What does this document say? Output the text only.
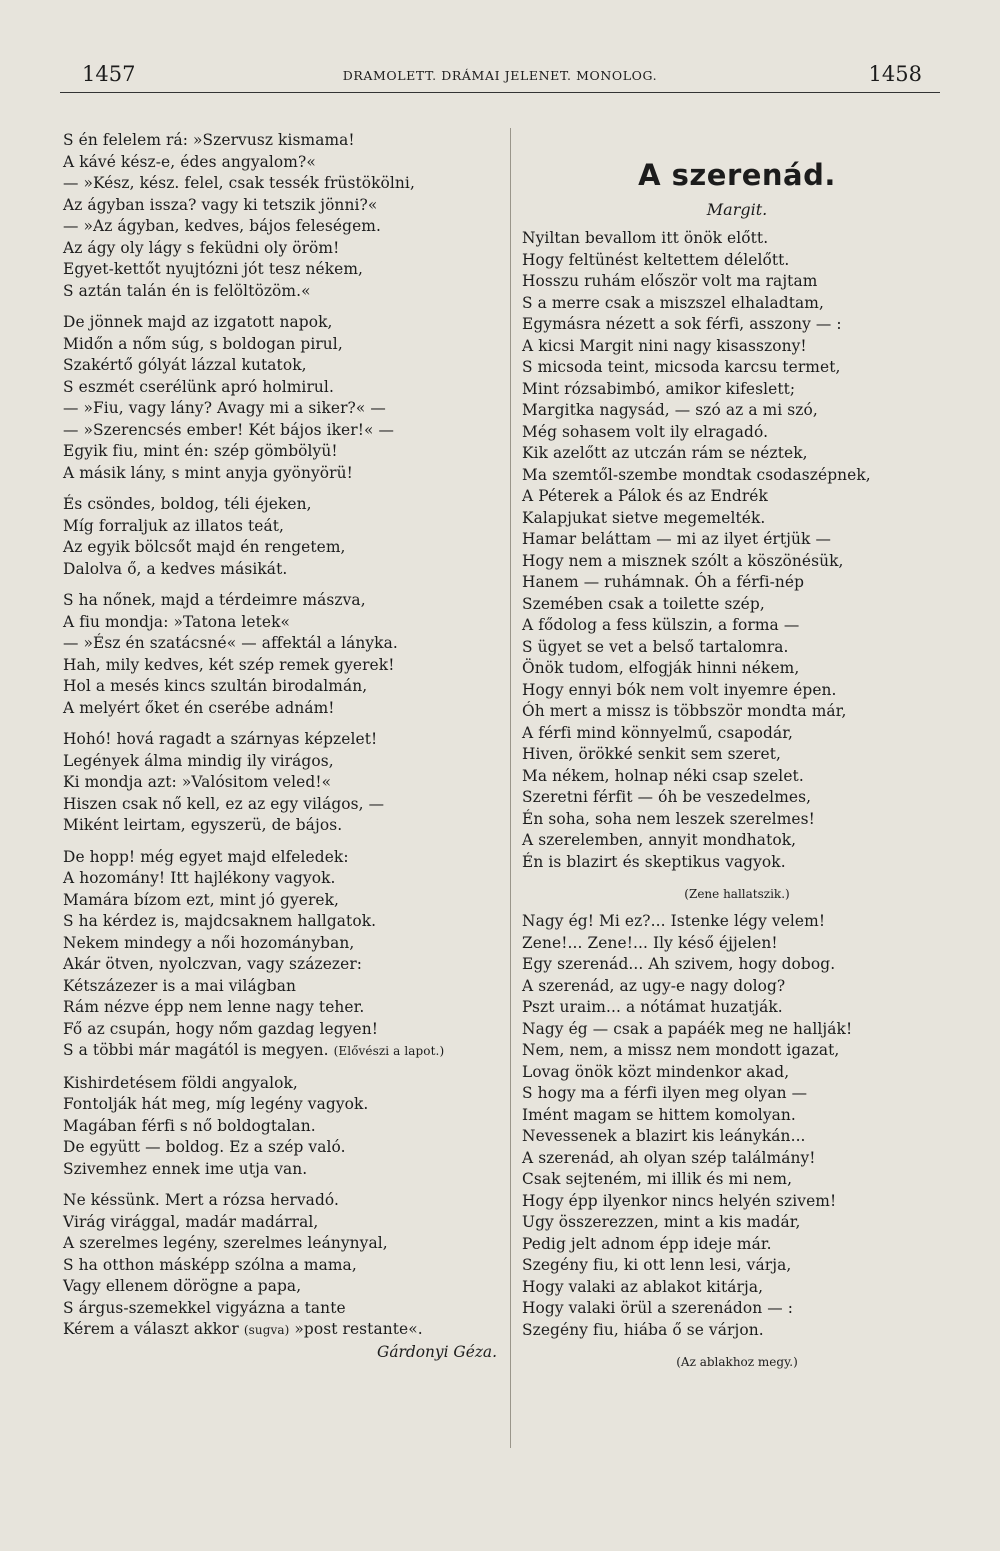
1457	DRAMOLETT. DRÁMAI JELENET. MONOLOG.	1458
S én felelem rá: »Szervusz kismama!
A kávé kész-e, édes angyalom?«
— »Kész, kész. felel, csak tessék früstökölni,
Az ágyban issza? vagy ki tetszik jönni?«
— »Az ágyban, kedves, bájos feleségem.
Az ágy oly lágy s feküdni oly öröm!
Egyet-kettőt nyujtózni jót tesz nékem,
S aztán talán én is felöltözöm.«
De jönnek majd az izgatott napok,
Midőn a nőm súg, s boldogan pirul,
Szakértő gólyát lázzal kutatok,
S eszmét cserélünk apró holmirul.
— »Fiu, vagy lány? Avagy mi a siker?« —
— »Szerencsés ember! Két bájos iker!« —
Egyik fiu, mint én: szép gömbölyü!
A másik lány, s mint anyja gyönyörü!
És csöndes, boldog, téli éjeken,
Míg forraljuk az illatos teát,
Az egyik bölcsőt majd én rengetem,
Dalolva ő, a kedves másikát.
S ha nőnek, majd a térdeimre mászva,
A fiu mondja: »Tatona letek«
— »Ész én szatácsné« — affektál a lányka.
Hah, mily kedves, két szép remek gyerek!
Hol a mesés kincs szultán birodalmán,
A melyért őket én cserébe adnám!
Hohó! hová ragadt a szárnyas képzelet!
Legények álma mindig ily virágos,
Ki mondja azt: »Valósitom veled!«
Hiszen csak nő kell, ez az egy világos, —
Miként leirtam, egyszerü, de bájos.
De hopp! még egyet majd elfeledek:
A hozomány! Itt hajlékony vagyok.
Mamára bízom ezt, mint jó gyerek,
S ha kérdez is, majdcsaknem hallgatok.
Nekem mindegy a női hozományban,
Akár ötven, nyolczvan, vagy százezer:
Kétszázezer is a mai világban
Rám nézve épp nem lenne nagy teher.
Fő az csupán, hogy nőm gazdag legyen!
S a többi már magától is megyen. (Elővészi a lapot.)
Kishirdetésem földi angyalok,
Fontolják hát meg, míg legény vagyok.
Magában férfi s nő boldogtalan.
De együtt — boldog. Ez a szép való.
Szivemhez ennek ime utja van.
Ne késsünk. Mert a rózsa hervadó.
Virág virággal, madár madárral,
A szerelmes legény, szerelmes leánynyal,
S ha otthon másképp szólna a mama,
Vagy ellenem dörögne a papa,
S árgus-szemekkel vigyázna a tante
Kérem a választ akkor (sugva) »post restante«.
Gárdonyi Géza.
A szerenád.
Margit.
Nyiltan bevallom itt önök előtt.
Hogy feltünést keltettem délelőtt.
Hosszu ruhám először volt ma rajtam
S a merre csak a miszszel elhaladtam,
Egymásra nézett a sok férfi, asszony — :
A kicsi Margit nini nagy kisasszony!
S micsoda teint, micsoda karcsu termet,
Mint rózsabimbó, amikor kifeslett;
Margitka nagysád, — szó az a mi szó,
Még sohasem volt ily elragadó.
Kik azelőtt az utczán rám se néztek,
Ma szemtől-szembe mondtak csodaszépnek,
A Péterek a Pálok és az Endrék
Kalapjukat sietve megemelték.
Hamar beláttam — mi az ilyet értjük —
Hogy nem a misznek szólt a köszönésük,
Hanem — ruhámnak. Óh a férfi-nép
Szemében csak a toilette szép,
A fődolog a fess külszin, a forma —
S ügyet se vet a belső tartalomra.
Önök tudom, elfogják hinni nékem,
Hogy ennyi bók nem volt inyemre épen.
Óh mert a missz is többször mondta már,
A férfi mind könnyelmű, csapodár,
Hiven, örökké senkit sem szeret,
Ma nékem, holnap néki csap szelet.
Szeretni férfit — óh be veszedelmes,
Én soha, soha nem leszek szerelmes!
A szerelemben, annyit mondhatok,
Én is blazirt és skeptikus vagyok.
(Zene hallatszik.)
Nagy ég! Mi ez?... Istenke légy velem!
Zene!... Zene!... Ily késő éjjelen!
Egy szerenád... Ah szivem, hogy dobog.
A szerenád, az ugy-e nagy dolog?
Pszt uraim... a nótámat huzatják.
Nagy ég — csak a papáék meg ne hallják!
Nem, nem, a missz nem mondott igazat,
Lovag önök közt mindenkor akad,
S hogy ma a férfi ilyen meg olyan —
Imént magam se hittem komolyan.
Nevessenek a blazirt kis leánykán...
A szerenád, ah olyan szép találmány!
Csak sejteném, mi illik és mi nem,
Hogy épp ilyenkor nincs helyén szivem!
Ugy összerezzen, mint a kis madár,
Pedig jelt adnom épp ideje már.
Szegény fiu, ki ott lenn lesi, várja,
Hogy valaki az ablakot kitárja,
Hogy valaki örül a szerenádon — :
Szegény fiu, hiába ő se várjon.
(Az ablakhoz megy.)
